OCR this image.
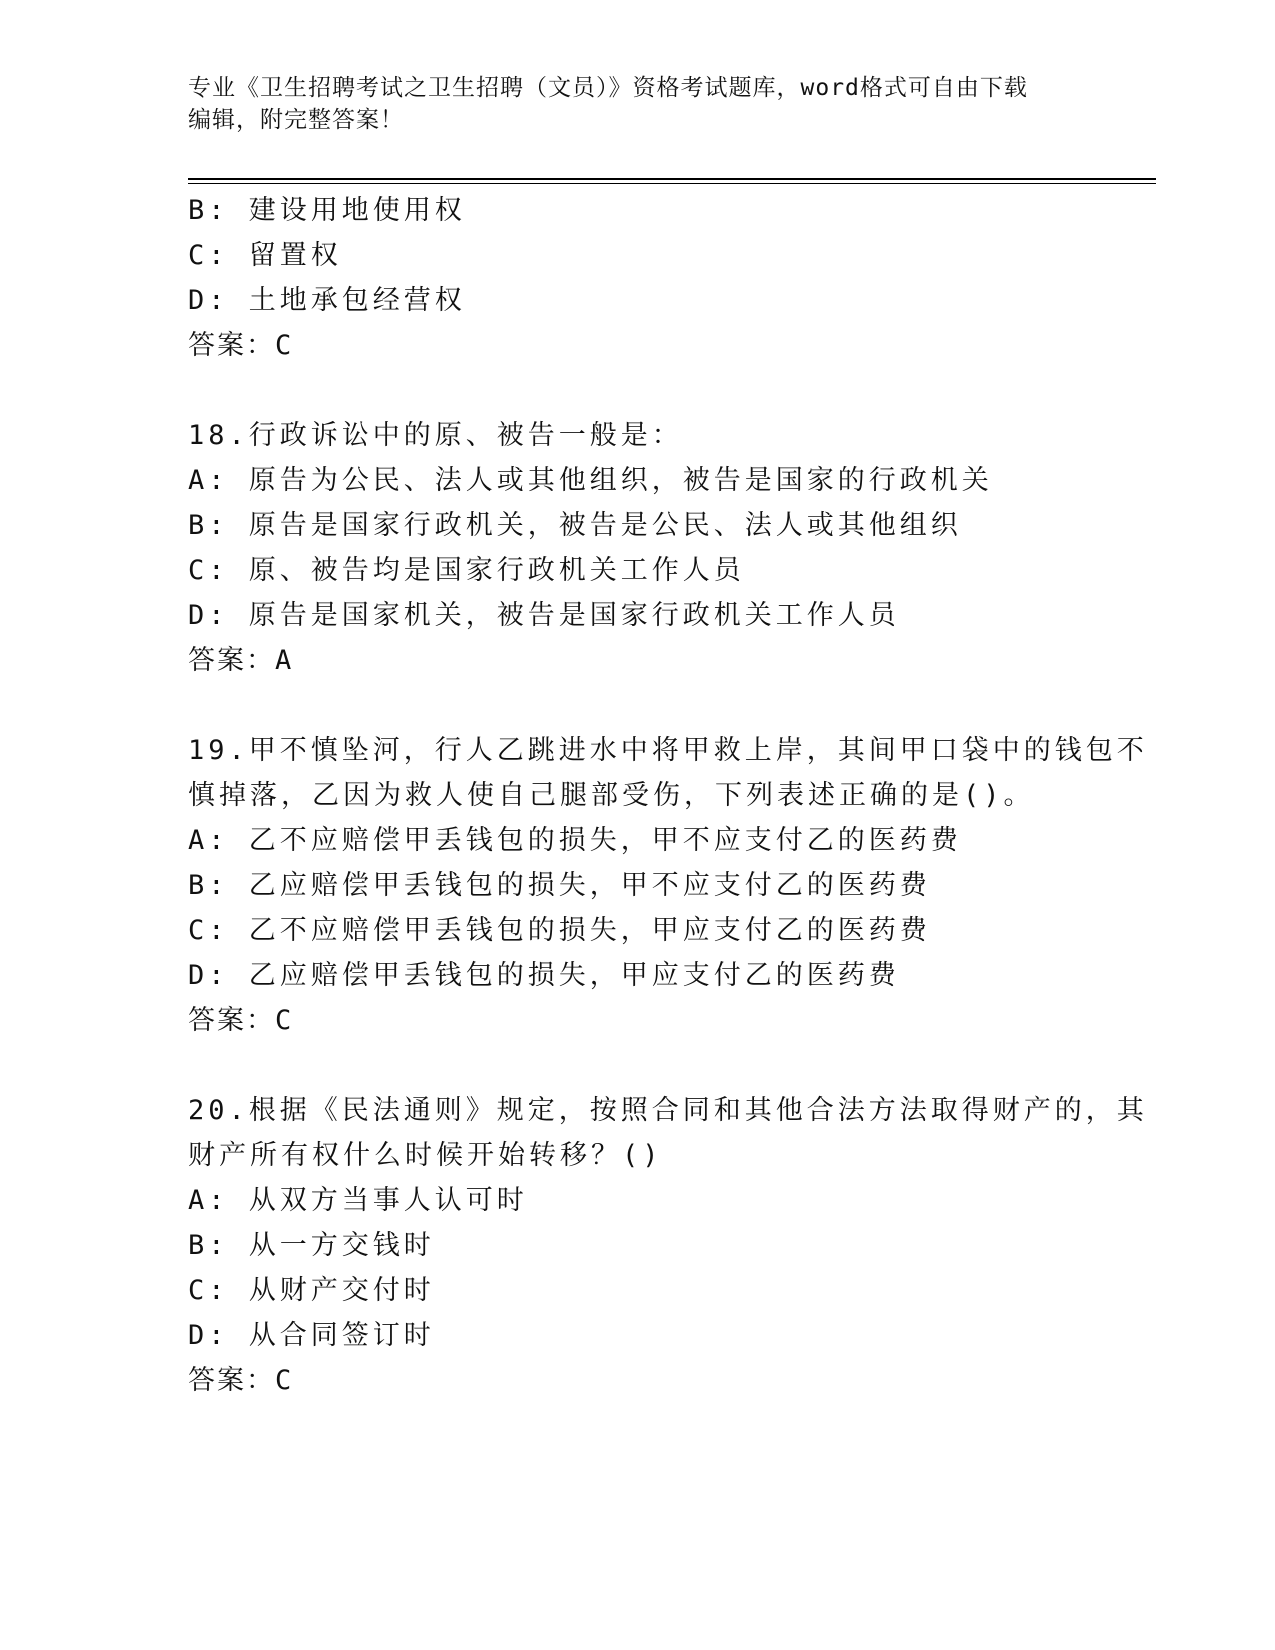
专业《卫生招聘考试之卫生招聘（文员）》资格考试题库，word格式可自由下载
编辑，附完整答案！
B: 建设用地使用权
C: 留置权
D: 土地承包经营权
答案：C
18.行政诉讼中的原、被告一般是：
A: 原告为公民、法人或其他组织，被告是国家的行政机关
B: 原告是国家行政机关，被告是公民、法人或其他组织
C: 原、被告均是国家行政机关工作人员
D: 原告是国家机关，被告是国家行政机关工作人员
答案：A
19.甲不慎坠河，行人乙跳进水中将甲救上岸，其间甲口袋中的钱包不
慎掉落，乙因为救人使自己腿部受伤，下列表述正确的是()。
A: 乙不应赔偿甲丢钱包的损失，甲不应支付乙的医药费
B: 乙应赔偿甲丢钱包的损失，甲不应支付乙的医药费
C: 乙不应赔偿甲丢钱包的损失，甲应支付乙的医药费
D: 乙应赔偿甲丢钱包的损失，甲应支付乙的医药费
答案：C
20.根据《民法通则》规定，按照合同和其他合法方法取得财产的，其
财产所有权什么时候开始转移？()
A: 从双方当事人认可时
B: 从一方交钱时
C: 从财产交付时
D: 从合同签订时
答案：C
